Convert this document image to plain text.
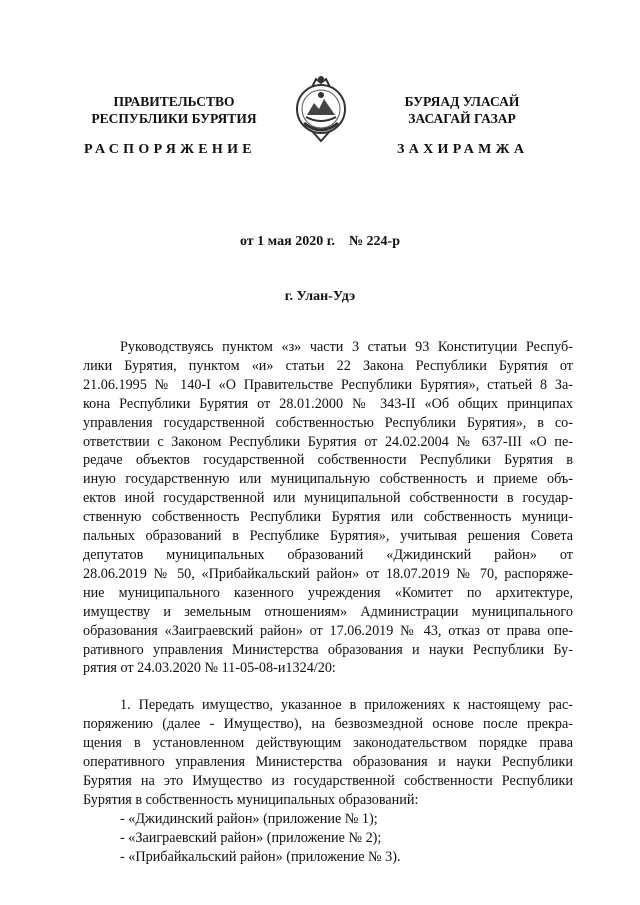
ПРАВИТЕЛЬСТВО
РЕСПУБЛИКИ БУРЯТИЯ
РАСПОРЯЖЕНИЕ
БУРЯАД УЛАСАЙ
ЗАСАГАЙ ГАЗАР
ЗАХИРАМЖА
от 1 мая 2020 г. № 224-р
г. Улан-Удэ
Руководствуясь пунктом «з» части 3 статьи 93 Конституции Респуб-
лики Бурятия, пунктом «и» статьи 22 Закона Республики Бурятия от
21.06.1995 № 140-I «О Правительстве Республики Бурятия», статьей 8 За-
кона Республики Бурятия от 28.01.2000 № 343-II «Об общих принципах
управления государственной собственностью Республики Бурятия», в со-
ответствии с Законом Республики Бурятия от 24.02.2004 № 637-III «О пе-
редаче объектов государственной собственности Республики Бурятия в
иную государственную или муниципальную собственность и приеме объ-
ектов иной государственной или муниципальной собственности в государ-
ственную собственность Республики Бурятия или собственность муници-
пальных образований в Республике Бурятия», учитывая решения Совета
депутатов муниципальных образований «Джидинский район» от
28.06.2019 № 50, «Прибайкальский район» от 18.07.2019 № 70, распоряже-
ние муниципального казенного учреждения «Комитет по архитектуре,
имуществу и земельным отношениям» Администрации муниципального
образования «Заиграевский район» от 17.06.2019 № 43, отказ от права опе-
ративного управления Министерства образования и науки Республики Бу-
рятия от 24.03.2020 № 11-05-08-и1324/20:
1. Передать имущество, указанное в приложениях к настоящему рас-
поряжению (далее - Имущество), на безвозмездной основе после прекра-
щения в установленном действующим законодательством порядке права
оперативного управления Министерства образования и науки Республики
Бурятия на это Имущество из государственной собственности Республики
Бурятия в собственность муниципальных образований:
- «Джидинский район» (приложение № 1);
- «Заиграевский район» (приложение № 2);
- «Прибайкальский район» (приложение № 3).
